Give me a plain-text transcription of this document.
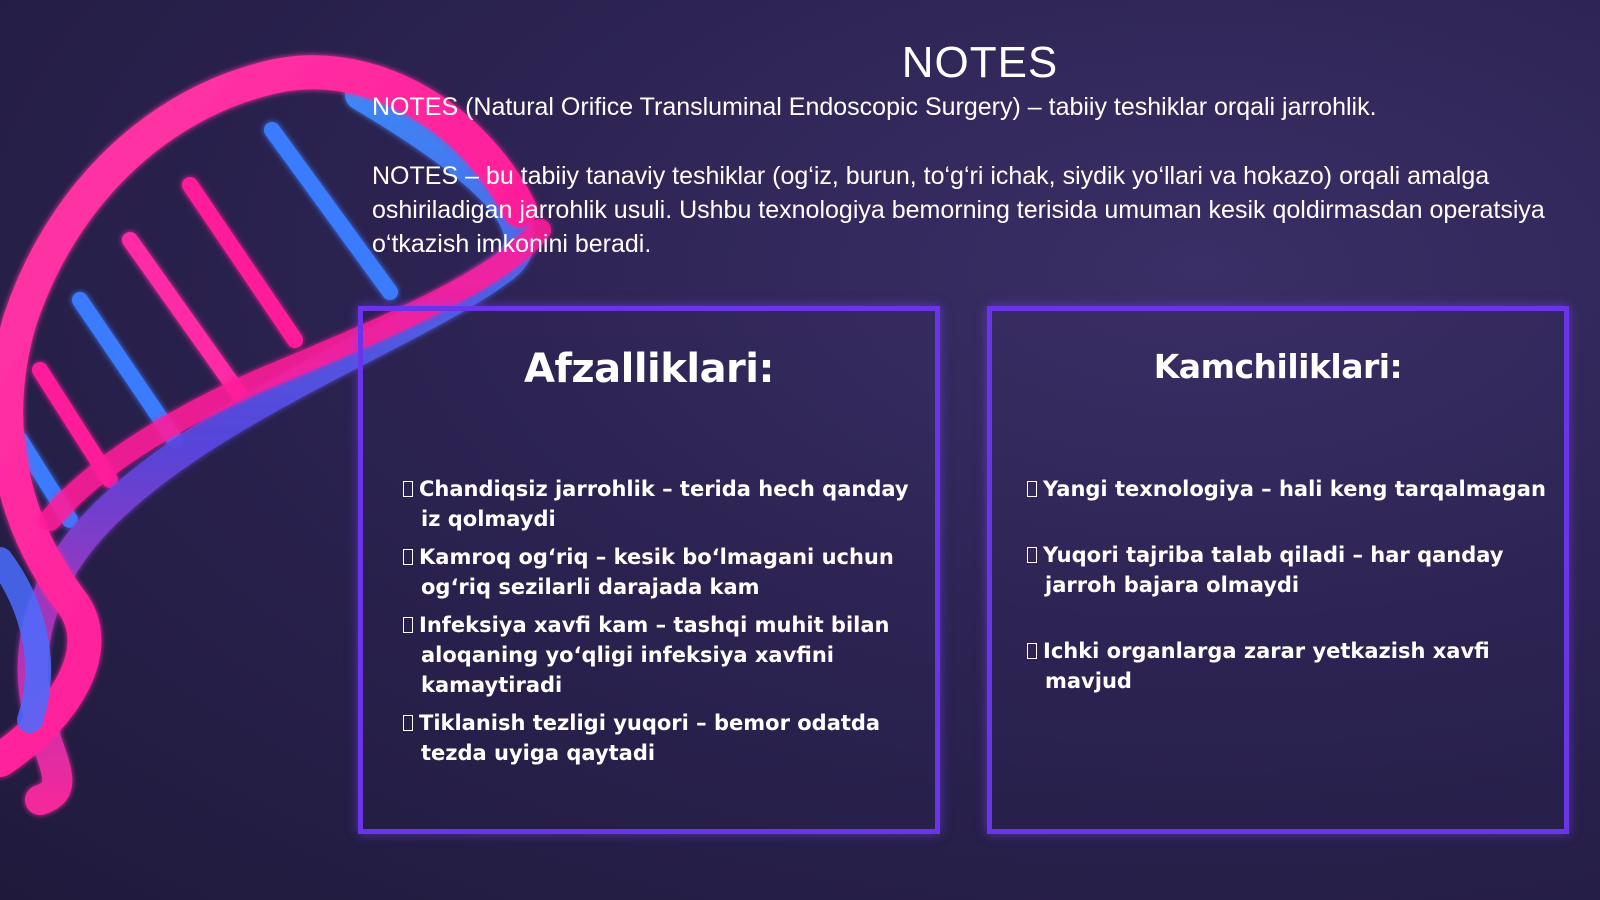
NOTES
NOTES (Natural Orifice Transluminal Endoscopic Surgery) – tabiiy teshiklar orqali jarrohlik.
NOTES – bu tabiiy tanaviy teshiklar (og‘iz, burun, to‘g‘ri ichak, siydik yo‘llari va hokazo) orqali amalga oshiriladigan jarrohlik usuli. Ushbu texnologiya bemorning terisida umuman kesik qoldirmasdan operatsiya o‘tkazish imkonini beradi.
Afzalliklari:
Chandiqsiz jarrohlik – terida hech qanday iz qolmaydi
Kamroq og‘riq – kesik bo‘lmagani uchun og‘riq sezilarli darajada kam
Infeksiya xavfi kam – tashqi muhit bilan aloqaning yo‘qligi infeksiya xavfini kamaytiradi
Tiklanish tezligi yuqori – bemor odatda tezda uyiga qaytadi
Kamchiliklari:
Yangi texnologiya – hali keng tarqalmagan
Yuqori tajriba talab qiladi – har qanday jarroh bajara olmaydi
Ichki organlarga zarar yetkazish xavfi mavjud
